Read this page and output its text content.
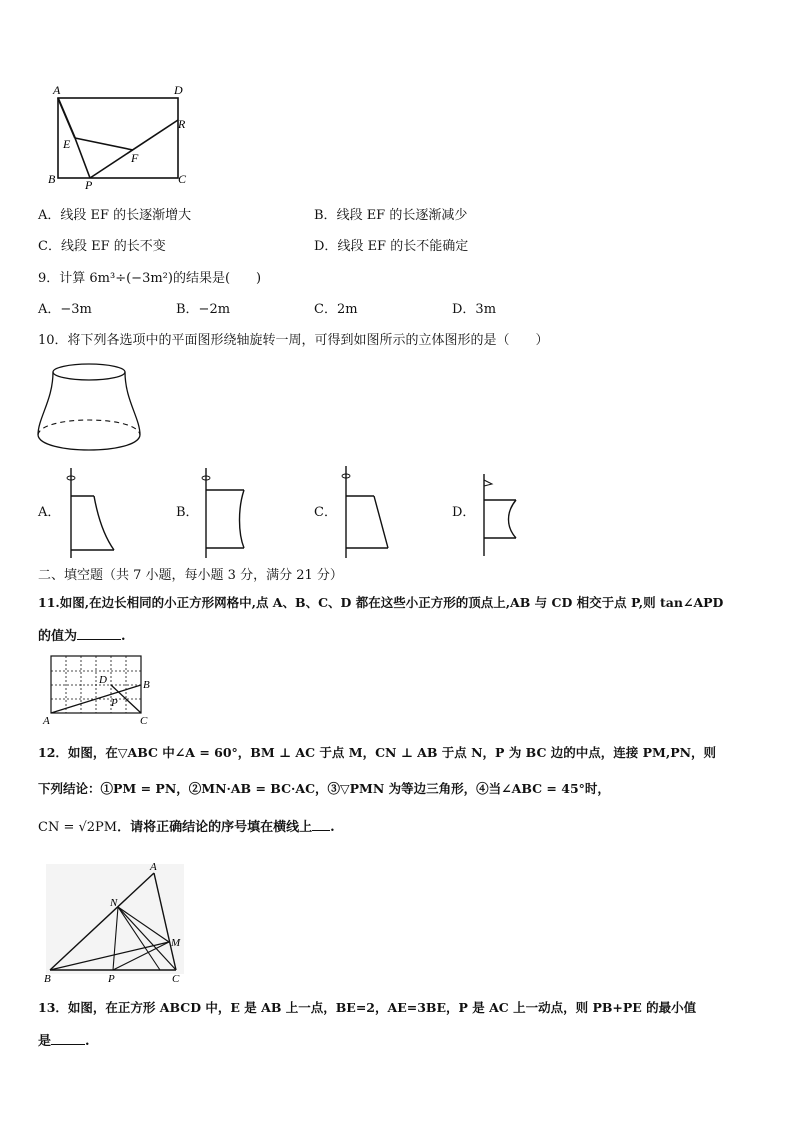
A	D
R
E
F
B P	C
A．线段 EF 的长逐渐增大	B．线段 EF 的长逐渐减少
C．线段 EF 的长不变	D．线段 EF 的长不能确定
9．计算 6m³÷(−3m²)的结果是(　　)
A．−3m	B．−2m	C．2m	D．3m
10．将下列各选项中的平面图形绕轴旋转一周，可得到如图所示的立体图形的是（　　）
A．	B．	C．	D．
二、填空题（共 7 小题，每小题 3 分，满分 21 分）
11.如图,在边长相同的小正方形网格中,点 A、B、C、D 都在这些小正方形的顶点上,AB 与 CD 相交于点 P,则 tan∠APD
的值为	.
D	B
P
A	C
12．如图，在▽ABC 中∠A = 60°，BM ⊥ AC 于点 M，CN ⊥ AB 于点 N，P 为 BC 边的中点，连接 PM,PN，则
下列结论：①PM = PN，②MN·AB = BC·AC，③▽PMN 为等边三角形，④当∠ABC = 45°时，
CN = √2PM．请将正确结论的序号填在横线上 .
A
N
M
B	P	C
13．如图，在正方形 ABCD 中，E 是 AB 上一点，BE=2，AE=3BE，P 是 AC 上一动点，则 PB+PE 的最小值
是	.
